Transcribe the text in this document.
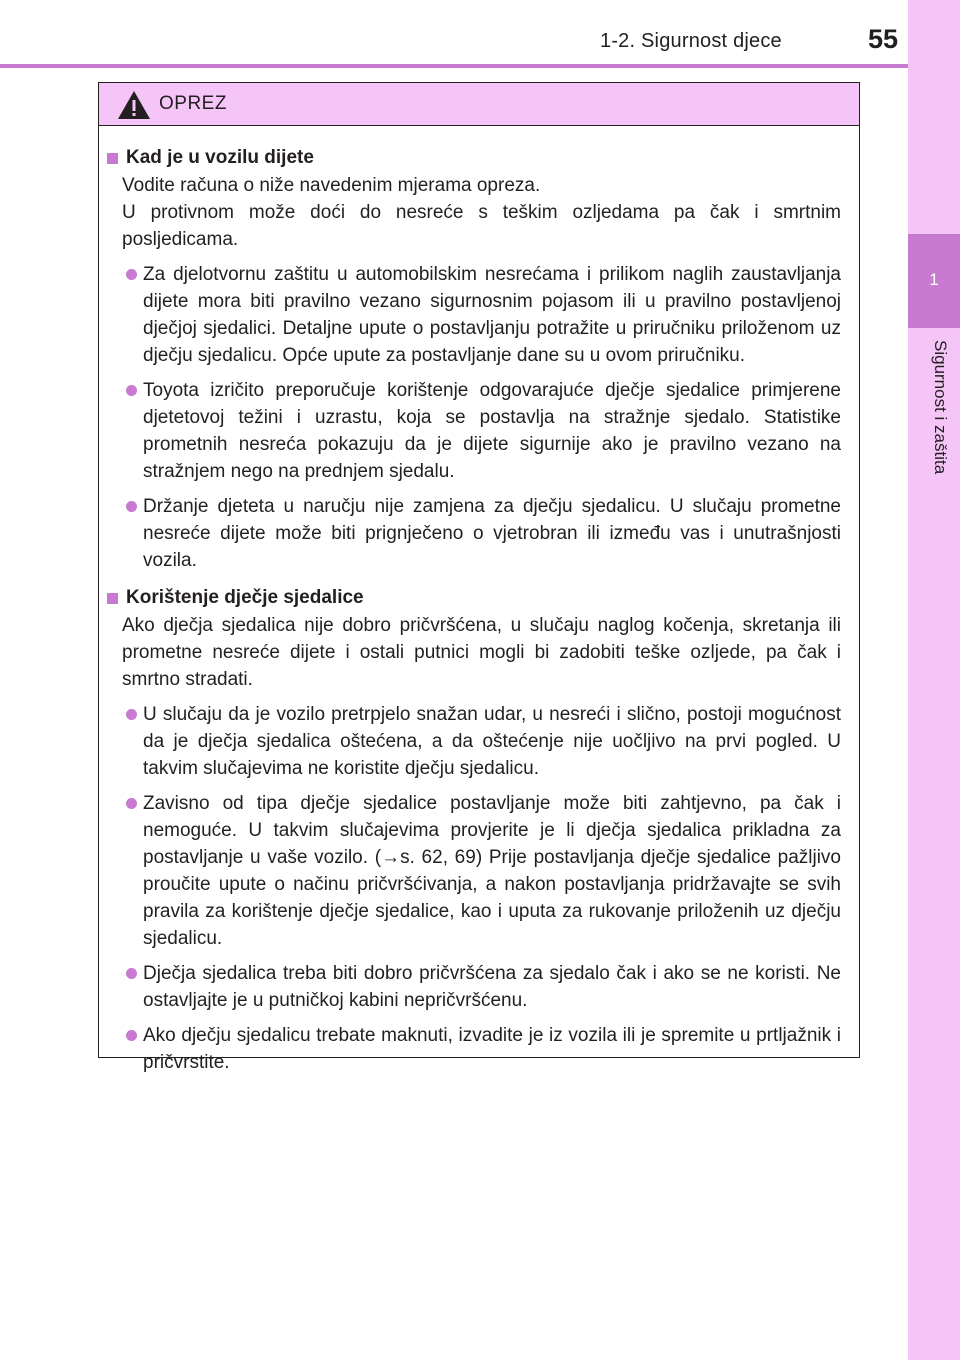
1-2. Sigurnost djece	55
1
Sigurnost i zaštita
OPREZ
Kad je u vozilu dijete
Vodite računa o niže navedenim mjerama opreza.
U protivnom može doći do nesreće s teškim ozljedama pa čak i smrtnim posljedicama.
Za djelotvornu zaštitu u automobilskim nesrećama i prilikom naglih zaustavljanja dijete mora biti pravilno vezano sigurnosnim pojasom ili u pravilno postavljenoj dječjoj sjedalici. Detaljne upute o postavljanju potražite u priručniku priloženom uz dječju sjedalicu. Opće upute za postavljanje dane su u ovom priručniku.
Toyota izričito preporučuje korištenje odgovarajuće dječje sjedalice primjerene djetetovoj težini i uzrastu, koja se postavlja na stražnje sjedalo. Statistike prometnih nesreća pokazuju da je dijete sigurnije ako je pravilno vezano na stražnjem nego na prednjem sjedalu.
Držanje djeteta u naručju nije zamjena za dječju sjedalicu. U slučaju prometne nesreće dijete može biti prignječeno o vjetrobran ili između vas i unutrašnjosti vozila.
Korištenje dječje sjedalice
Ako dječja sjedalica nije dobro pričvršćena, u slučaju naglog kočenja, skretanja ili prometne nesreće dijete i ostali putnici mogli bi zadobiti teške ozljede, pa čak i smrtno stradati.
U slučaju da je vozilo pretrpjelo snažan udar, u nesreći i slično, postoji mogućnost da je dječja sjedalica oštećena, a da oštećenje nije uočljivo na prvi pogled. U takvim slučajevima ne koristite dječju sjedalicu.
Zavisno od tipa dječje sjedalice postavljanje može biti zahtjevno, pa čak i nemoguće. U takvim slučajevima provjerite je li dječja sjedalica prikladna za postavljanje u vaše vozilo. (→s. 62, 69) Prije postavljanja dječje sjedalice pažljivo proučite upute o načinu pričvršćivanja, a nakon postavljanja pridržavajte se svih pravila za korištenje dječje sjedalice, kao i uputa za rukovanje priloženih uz dječju sjedalicu.
Dječja sjedalica treba biti dobro pričvršćena za sjedalo čak i ako se ne koristi. Ne ostavljajte je u putničkoj kabini nepričvršćenu.
Ako dječju sjedalicu trebate maknuti, izvadite je iz vozila ili je spremite u prtljažnik i pričvrstite.
